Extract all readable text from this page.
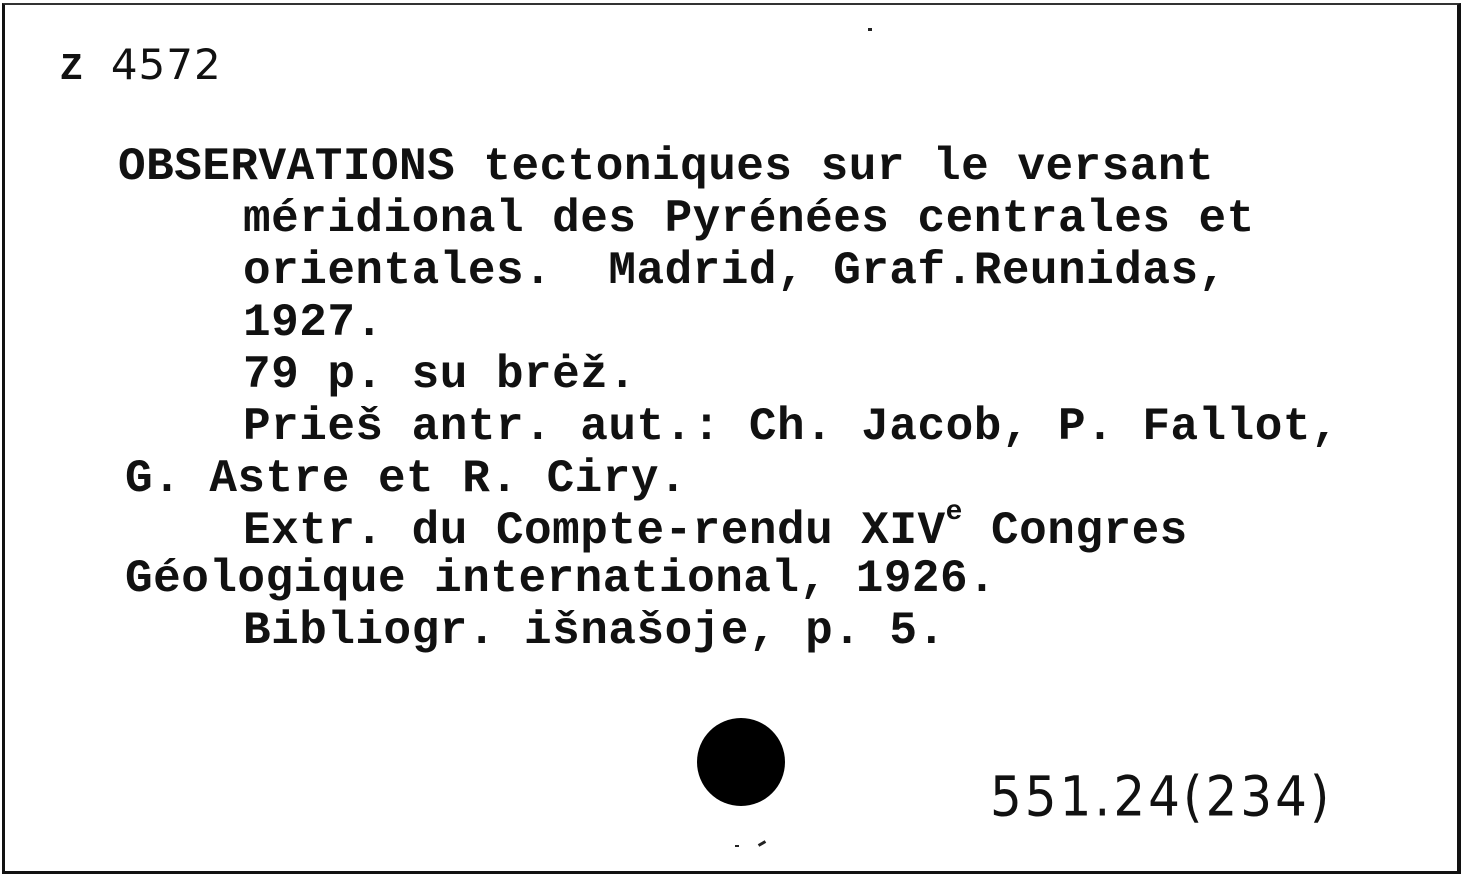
Z 4572
OBSERVATIONS tectoniques sur le versant
méridional des Pyrénées centrales et
orientales.  Madrid, Graf.Reunidas,
1927.
79 p. su brėž.
Prieš antr. aut.: Ch. Jacob, P. Fallot,
G. Astre et R. Ciry.
Extr. du Compte-rendu XIVe Congres
Géologique international, 1926.
Bibliogr. išnašoje, p. 5.
551.24(234)
